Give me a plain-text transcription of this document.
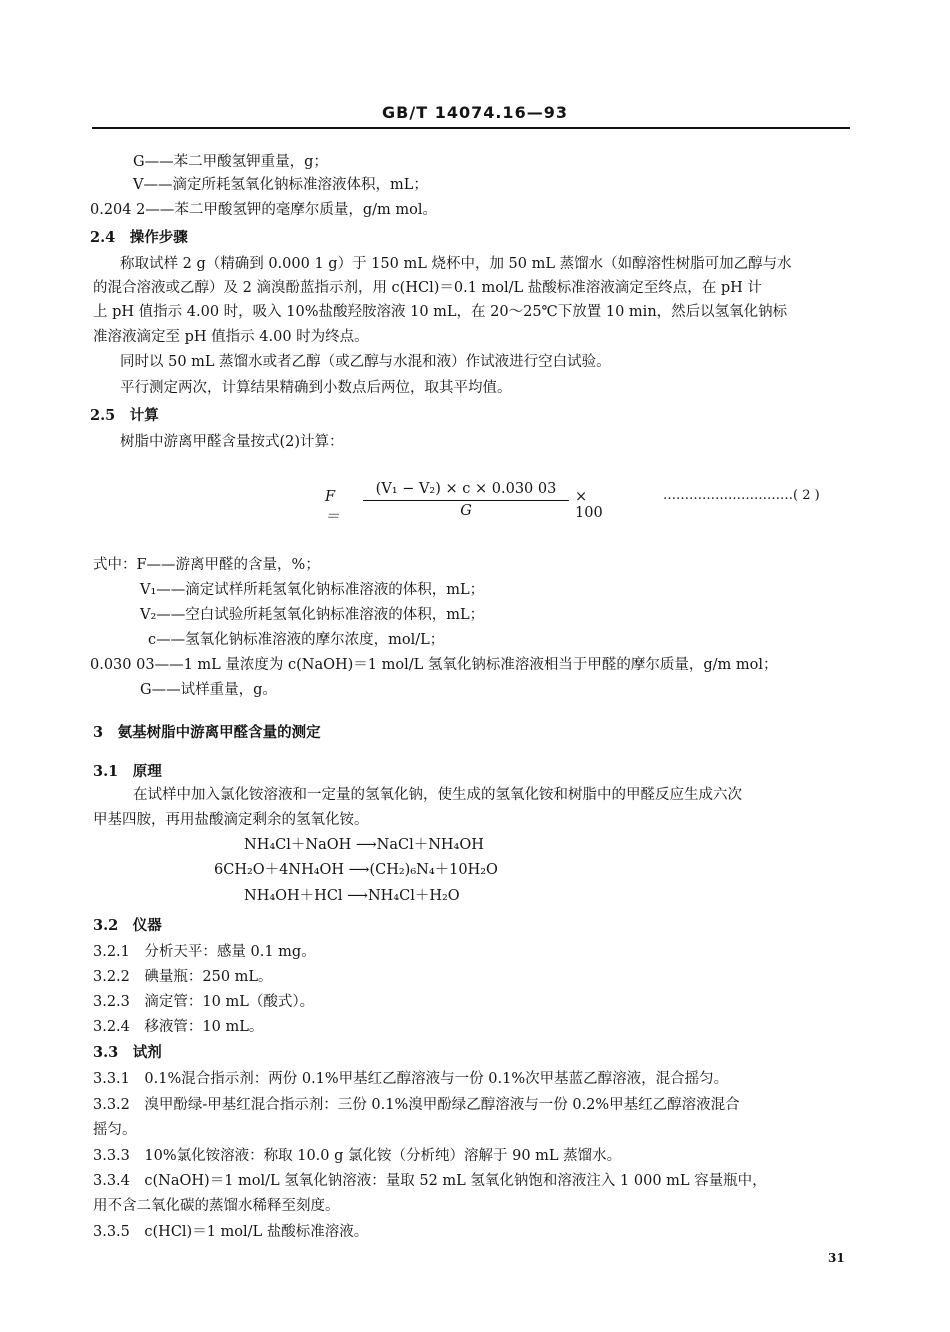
GB/T 14074.16—93
G——苯二甲酸氢钾重量，g；
V——滴定所耗氢氧化钠标准溶液体积，mL；
0.204 2——苯二甲酸氢钾的毫摩尔质量，g/m mol。
2.4　操作步骤
称取试样 2 g（精确到 0.000 1 g）于 150 mL 烧杯中，加 50 mL 蒸馏水（如醇溶性树脂可加乙醇与水
的混合溶液或乙醇）及 2 滴溴酚蓝指示剂，用 c(HCl)＝0.1 mol/L 盐酸标准溶液滴定至终点，在 pH 计
上 pH 值指示 4.00 时，吸入 10%盐酸羟胺溶液 10 mL，在 20～25℃下放置 10 min，然后以氢氧化钠标
准溶液滴定至 pH 值指示 4.00 时为终点。
同时以 50 mL 蒸馏水或者乙醇（或乙醇与水混和液）作试液进行空白试验。
平行测定两次，计算结果精确到小数点后两位，取其平均值。
2.5　计算
树脂中游离甲醛含量按式(2)计算：
F ＝
(V₁ − V₂) × c × 0.030 03
G
× 100
…………………………( 2 )
式中：F——游离甲醛的含量，%；
V₁——滴定试样所耗氢氧化钠标准溶液的体积，mL；
V₂——空白试验所耗氢氧化钠标准溶液的体积，mL；
c——氢氧化钠标准溶液的摩尔浓度，mol/L；
0.030 03——1 mL 量浓度为 c(NaOH)＝1 mol/L 氢氧化钠标准溶液相当于甲醛的摩尔质量，g/m mol；
G——试样重量，g。
3　氨基树脂中游离甲醛含量的测定
3.1　原理
在试样中加入氯化铵溶液和一定量的氢氧化钠，使生成的氢氧化铵和树脂中的甲醛反应生成六次
甲基四胺，再用盐酸滴定剩余的氢氧化铵。
NH₄Cl＋NaOH ⟶NaCl＋NH₄OH
6CH₂O＋4NH₄OH ⟶(CH₂)₆N₄＋10H₂O
NH₄OH＋HCl ⟶NH₄Cl＋H₂O
3.2　仪器
3.2.1　分析天平：感量 0.1 mg。
3.2.2　碘量瓶：250 mL。
3.2.3　滴定管：10 mL（酸式）。
3.2.4　移液管：10 mL。
3.3　试剂
3.3.1　0.1%混合指示剂：两份 0.1%甲基红乙醇溶液与一份 0.1%次甲基蓝乙醇溶液，混合摇匀。
3.3.2　溴甲酚绿-甲基红混合指示剂：三份 0.1%溴甲酚绿乙醇溶液与一份 0.2%甲基红乙醇溶液混合
摇匀。
3.3.3　10%氯化铵溶液：称取 10.0 g 氯化铵（分析纯）溶解于 90 mL 蒸馏水。
3.3.4　c(NaOH)＝1 mol/L 氢氧化钠溶液：量取 52 mL 氢氧化钠饱和溶液注入 1 000 mL 容量瓶中，
用不含二氧化碳的蒸馏水稀释至刻度。
3.3.5　c(HCl)＝1 mol/L 盐酸标准溶液。
31
